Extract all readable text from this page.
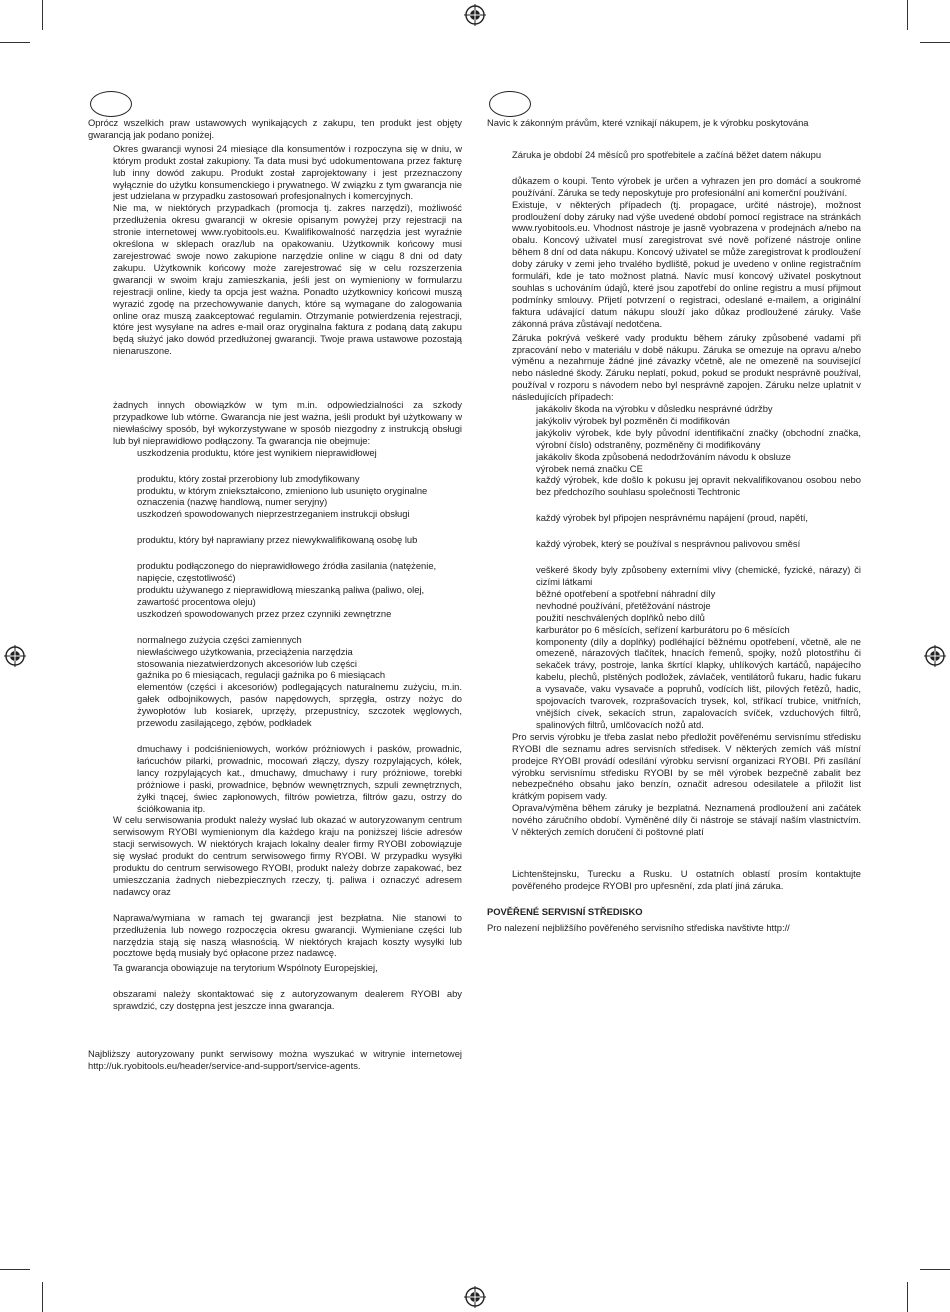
Oprócz wszelkich praw ustawowych wynikających z zakupu, ten produkt jest objęty gwarancją jak podano poniżej.

Okres gwarancji wynosi 24 miesiące dla konsumentów i rozpoczyna się w dniu, w którym produkt został zakupiony. Ta data musi być udokumentowana przez fakturę lub inny dowód zakupu. Produkt został zaprojektowany i jest przeznaczony wyłącznie do użytku konsumenckiego i prywatnego. W związku z tym gwarancja nie jest udzielana w przypadku zastosowań profesjonalnych i komercyjnych.

Nie ma, w niektórych przypadkach (promocja tj. zakres narzędzi), możliwość przedłużenia okresu gwarancji w okresie opisanym powyżej przy rejestracji na stronie internetowej www.ryobitools.eu. Kwalifikowalność narzędzia jest wyraźnie określona w sklepach oraz/lub na opakowaniu. Użytkownik końcowy musi zarejestrować swoje nowo zakupione narzędzie online w ciągu 8 dni od daty zakupu. Użytkownik końcowy może zarejestrować się w celu rozszerzenia gwarancji w swoim kraju zamieszkania, jeśli jest on wymieniony w formularzu rejestracji online, kiedy ta opcja jest ważna. Ponadto użytkownicy końcowi muszą wyrazić zgodę na przechowywanie danych, które są wymagane do zalogowania online oraz muszą zaakceptować regulamin. Otrzymanie potwierdzenia rejestracji, które jest wysyłane na adres e-mail oraz oryginalna faktura z podaną datą zakupu będą służyć jako dowód przedłużonej gwarancji. Twoje prawa ustawowe pozostają nienaruszone.

żadnych innych obowiązków w tym m.in. odpowiedzialności za szkody przypadkowe lub wtórne. Gwarancja nie jest ważna, jeśli produkt był użytkowany w niewłaściwy sposób, był wykorzystywane w sposób niezgodny z instrukcją obsługi lub był nieprawidłowo podłączony. Ta gwarancja nie obejmuje:

uszkodzenia produktu, które jest wynikiem nieprawidłowej

produktu, który został przerobiony lub zmodyfikowany

produktu, w którym zniekształcono, zmieniono lub usunięto oryginalne oznaczenia (nazwę handlową, numer seryjny)

uszkodzeń spowodowanych nieprzestrzeganiem instrukcji obsługi

produktu, który był naprawiany przez niewykwalifikowaną osobę lub

produktu podłączonego do nieprawidłowego źródła zasilania (natężenie, napięcie, częstotliwość)

produktu używanego z nieprawidłową mieszanką paliwa (paliwo, olej, zawartość procentowa oleju)

uszkodzeń spowodowanych przez przez czynniki zewnętrzne

normalnego zużycia części zamiennych

niewłaściwego użytkowania, przeciążenia narzędzia

stosowania niezatwierdzonych akcesoriów lub części

gaźnika po 6 miesiącach, regulacji gaźnika po 6 miesiącach

elementów (części i akcesoriów) podlegających naturalnemu zużyciu, m.in. gałek odbojnikowych, pasów napędowych, sprzęgła, ostrzy nożyc do żywopłotów lub kosiarek, uprzęży, przepustnicy, szczotek węglowych, przewodu zasilającego, zębów, podkładek

dmuchawy i podciśnieniowych, worków próżniowych i pasków, prowadnic, łańcuchów pilarki, prowadnic, mocowań złączy, dyszy rozpylających, kółek, lancy rozpylających kat., dmuchawy, dmuchawy i rury próżniowe, torebki próżniowe i paski, prowadnice, bębnów wewnętrznych, szpuli zewnętrznych, żyłki tnącej, świec zapłonowych, filtrów powietrza, filtrów gazu, ostrzy do ściółkowania itp.

W celu serwisowania produkt należy wysłać lub okazać w autoryzowanym centrum serwisowym RYOBI wymienionym dla każdego kraju na poniższej liście adresów stacji serwisowych. W niektórych krajach lokalny dealer firmy RYOBI zobowiązuje się wysłać produkt do centrum serwisowego firmy RYOBI. W przypadku wysyłki produktu do centrum serwisowego RYOBI, produkt należy dobrze zapakować, bez umieszczania żadnych niebezpiecznych rzeczy, tj. paliwa i oznaczyć adresem nadawcy oraz

Naprawa/wymiana w ramach tej gwarancji jest bezpłatna. Nie stanowi to przedłużenia lub nowego rozpoczęcia okresu gwarancji. Wymieniane części lub narzędzia stają się naszą własnością. W niektórych krajach koszty wysyłki lub pocztowe będą musiały być opłacone przez nadawcę.

Ta gwarancja obowiązuje na terytorium Wspólnoty Europejskiej,

obszarami należy skontaktować się z autoryzowanym dealerem RYOBI aby sprawdzić, czy dostępna jest jeszcze inna gwarancja.

Najbliższy autoryzowany punkt serwisowy można wyszukać w witrynie internetowej http://uk.ryobitools.eu/header/service-and-support/service-agents.

Navic k zákonným právům, které vznikají nákupem, je k výrobku poskytována

Záruka je období 24 měsíců pro spotřebitele a začíná běžet datem nákupu

důkazem o koupi. Tento výrobek je určen a vyhrazen jen pro domácí a soukromé používání. Záruka se tedy neposkytuje pro profesionální ani komerční používání.

Existuje, v některých případech (tj. propagace, určité nástroje), možnost prodloužení doby záruky nad výše uvedené období pomocí registrace na stránkách www.ryobitools.eu. Vhodnost nástroje je jasně vyobrazena v prodejnách a/nebo na obalu. Koncový uživatel musí zaregistrovat své nově pořízené nástroje online během 8 dní od data nákupu. Koncový uživatel se může zaregistrovat k prodloužení doby záruky v zemi jeho trvalého bydliště, pokud je uvedeno v online registračním formuláři, kde je tato možnost platná. Navíc musí koncový uživatel poskytnout souhlas s uchováním údajů, které jsou zapotřebí do online registru a musí přijmout podmínky smlouvy. Přijetí potvrzení o registraci, odeslané e-mailem, a originální faktura udávající datum nákupu slouží jako důkaz prodloužené záruky. Vaše zákonná práva zůstávají nedotčena.

Záruka pokrývá veškeré vady produktu během záruky způsobené vadami při zpracování nebo v materiálu v době nákupu. Záruka se omezuje na opravu a/nebo výměnu a nezahrnuje žádné jiné závazky včetně, ale ne omezeně na související nebo následné škody. Záruku neplatí, pokud, pokud se produkt nesprávně používal, používal v rozporu s návodem nebo byl nesprávně zapojen. Záruku nelze uplatnit v následujících případech:

jakákoliv škoda na výrobku v důsledku nesprávné údržby

jakýkoliv výrobek byl pozměněn či modifikován

jakýkoliv výrobek, kde byly původní identifikační značky (obchodní značka, výrobní číslo) odstraněny, pozměněny či modifikovány

jakákoliv škoda způsobená nedodržováním návodu k obsluze

výrobek nemá značku CE

každý výrobek, kde došlo k pokusu jej opravit nekvalifikovanou osobou nebo bez předchozího souhlasu společnosti Techtronic

každý výrobek byl připojen nesprávnému napájení (proud, napětí,

každý výrobek, který se používal s nesprávnou palivovou směsí

veškeré škody byly způsobeny externími vlivy (chemické, fyzické, nárazy) či cizími látkami

běžné opotřebení a spotřební náhradní díly

nevhodné používání, přetěžování nástroje

použití neschválených doplňků nebo dílů

karburátor po 6 měsících, seřízení karburátoru po 6 měsících

komponenty (díly a doplňky) podléhající běžnému opotřebení, včetně, ale ne omezeně, nárazových tlačítek, hnacích řemenů, spojky, nožů plotostřihu či sekaček trávy, postroje, lanka škrtící klapky, uhlíkových kartáčů, napájecího kabelu, plechů, plstěných podložek, závlaček, ventilátorů fukaru, hadic fukaru a vysavače, vaku vysavače a popruhů, vodících lišt, pilových řetězů, hadic, spojovacích tvarovek, rozprašovacích trysek, kol, stříkací trubice, vnitřních, vnějších cívek, sekacích strun, zapalovacích svíček, vzduchových filtrů, spalinových filtrů, umlčovacích nožů atd.

Pro servis výrobku je třeba zaslat nebo předložit pověřenému servisnímu středisku RYOBI dle seznamu adres servisních středisek. V některých zemích váš místní prodejce RYOBI provádí odesílání výrobku servisní organizaci RYOBI. Při zasílání výrobku servisnímu středisku RYOBI by se měl výrobek bezpečně zabalit bez nebezpečného obsahu jako benzín, označit adresou odesilatele a přiložit list krátkým popisem vady.

Oprava/výměna během záruky je bezplatná. Neznamená prodloužení ani začátek nového záručního období. Vyměněné díly či nástroje se stávají naším vlastnictvím. V některých zemích doručení či poštovné platí

Lichtenštejnsku, Turecku a Rusku. U ostatních oblastí prosím kontaktujte pověřeného prodejce RYOBI pro upřesnění, zda platí jiná záruka.

POVĚŘENÉ SERVISNÍ STŘEDISKO

Pro nalezení nejbližšího pověřeného servisního střediska navštivte http://
